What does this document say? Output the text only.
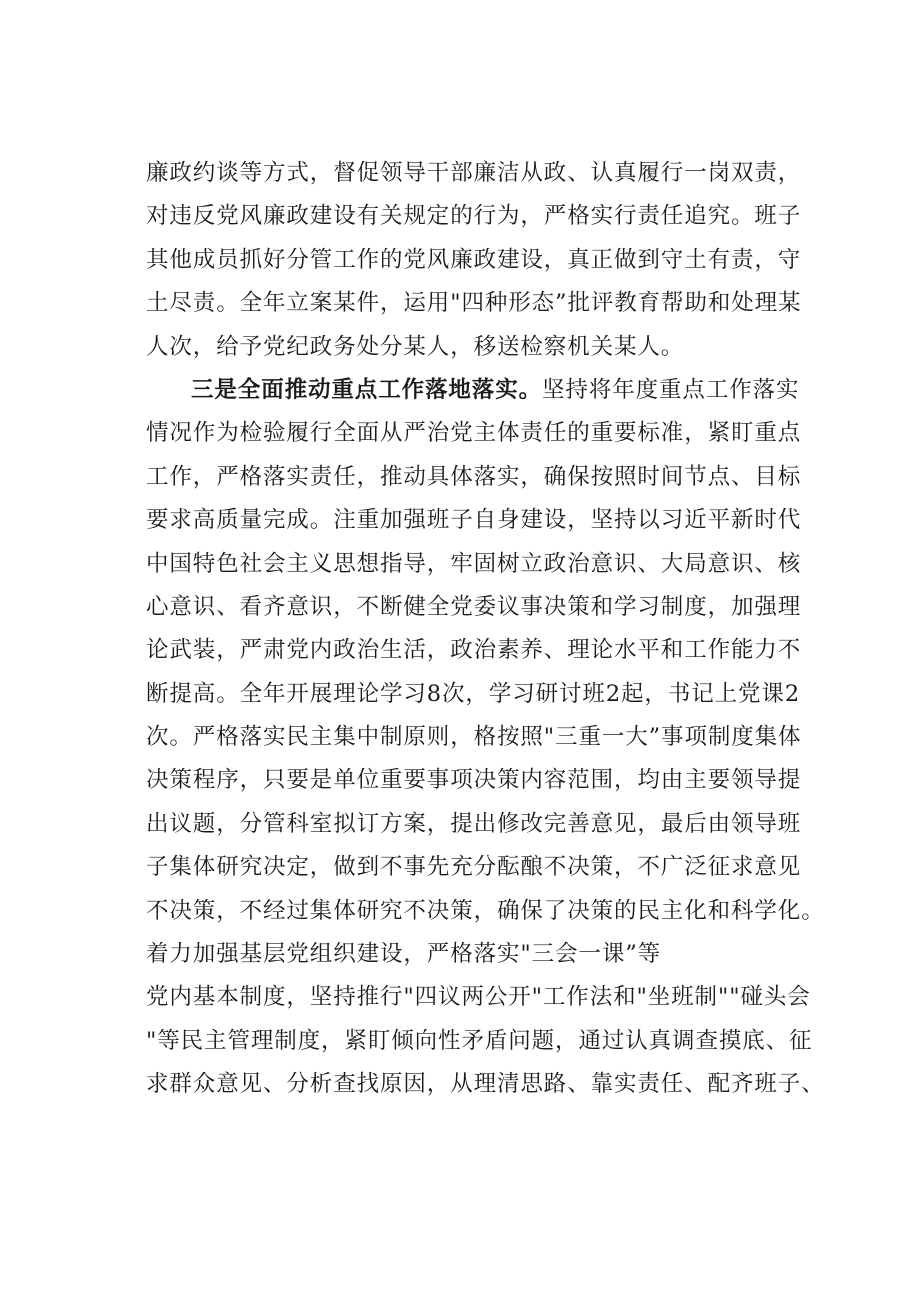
廉政约谈等方式，督促领导干部廉洁从政、认真履行一岗双责，
对违反党风廉政建设有关规定的行为，严格实行责任追究。班子
其他成员抓好分管工作的党风廉政建设，真正做到守土有责，守
土尽责。全年立案某件，运用"四种形态”批评教育帮助和处理某
人次，给予党纪政务处分某人，移送检察机关某人。
三是全面推动重点工作落地落实。坚持将年度重点工作落实
情况作为检验履行全面从严治党主体责任的重要标准，紧盯重点
工作，严格落实责任，推动具体落实，确保按照时间节点、目标
要求高质量完成。注重加强班子自身建设，坚持以习近平新时代
中国特色社会主义思想指导，牢固树立政治意识、大局意识、核
心意识、看齐意识，不断健全党委议事决策和学习制度，加强理
论武装，严肃党内政治生活，政治素养、理论水平和工作能力不
断提高。全年开展理论学习8次，学习研讨班2起，书记上党课2
次。严格落实民主集中制原则，格按照"三重一大”事项制度集体
决策程序，只要是单位重要事项决策内容范围，均由主要领导提
出议题，分管科室拟订方案，提出修改完善意见，最后由领导班
子集体研究决定，做到不事先充分酝酿不决策，不广泛征求意见
不决策，不经过集体研究不决策，确保了决策的民主化和科学化。
着力加强基层党组织建设，严格落实"三会一课”等
党内基本制度，坚持推行"四议两公开"工作法和"坐班制""碰头会
"等民主管理制度，紧盯倾向性矛盾问题，通过认真调查摸底、征
求群众意见、分析查找原因，从理清思路、靠实责任、配齐班子、
